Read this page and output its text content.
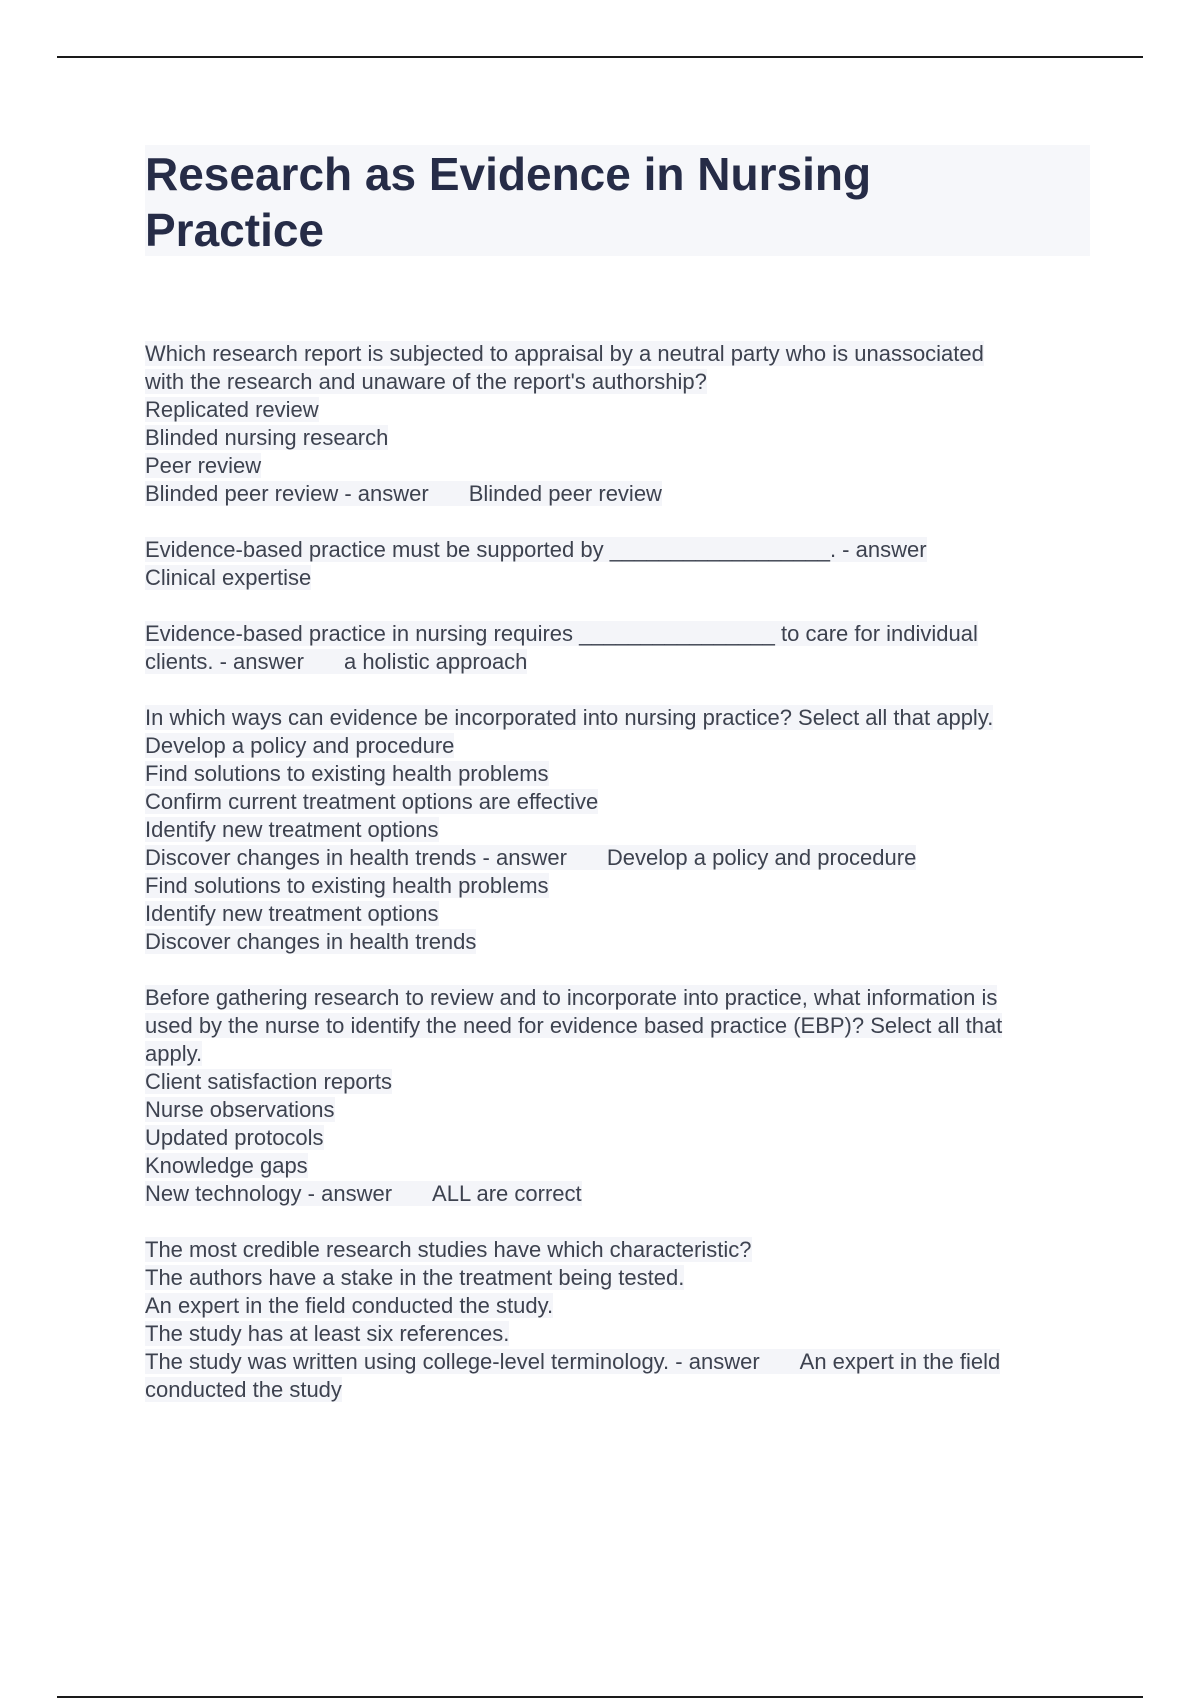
Research as Evidence in Nursing
Practice
Which research report is subjected to appraisal by a neutral party who is unassociated
with the research and unaware of the report's authorship?
Replicated review
Blinded nursing research
Peer review
Blinded peer review - answer Blinded peer review
Evidence-based practice must be supported by __________________. - answer
Clinical expertise
Evidence-based practice in nursing requires ________________ to care for individual
clients. - answer a holistic approach
In which ways can evidence be incorporated into nursing practice? Select all that apply.
Develop a policy and procedure
Find solutions to existing health problems
Confirm current treatment options are effective
Identify new treatment options
Discover changes in health trends - answer Develop a policy and procedure
Find solutions to existing health problems
Identify new treatment options
Discover changes in health trends
Before gathering research to review and to incorporate into practice, what information is
used by the nurse to identify the need for evidence based practice (EBP)? Select all that
apply.
Client satisfaction reports
Nurse observations
Updated protocols
Knowledge gaps
New technology - answer ALL are correct
The most credible research studies have which characteristic?
The authors have a stake in the treatment being tested.
An expert in the field conducted the study.
The study has at least six references.
The study was written using college-level terminology. - answer An expert in the field
conducted the study
